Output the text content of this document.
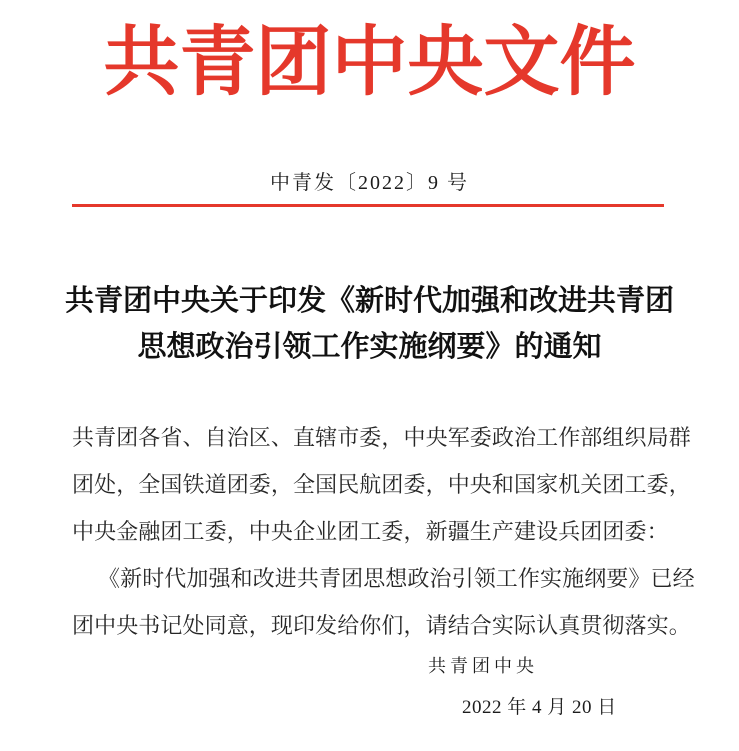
共青团中央文件
中青发〔2022〕9 号
共青团中央关于印发《新时代加强和改进共青团
思想政治引领工作实施纲要》的通知
共青团各省、自治区、直辖市委，中央军委政治工作部组织局群
团处，全国铁道团委，全国民航团委，中央和国家机关团工委，
中央金融团工委，中央企业团工委，新疆生产建设兵团团委：
《新时代加强和改进共青团思想政治引领工作实施纲要》已经
团中央书记处同意，现印发给你们，请结合实际认真贯彻落实。
共青团中央
2022 年 4 月 20 日
